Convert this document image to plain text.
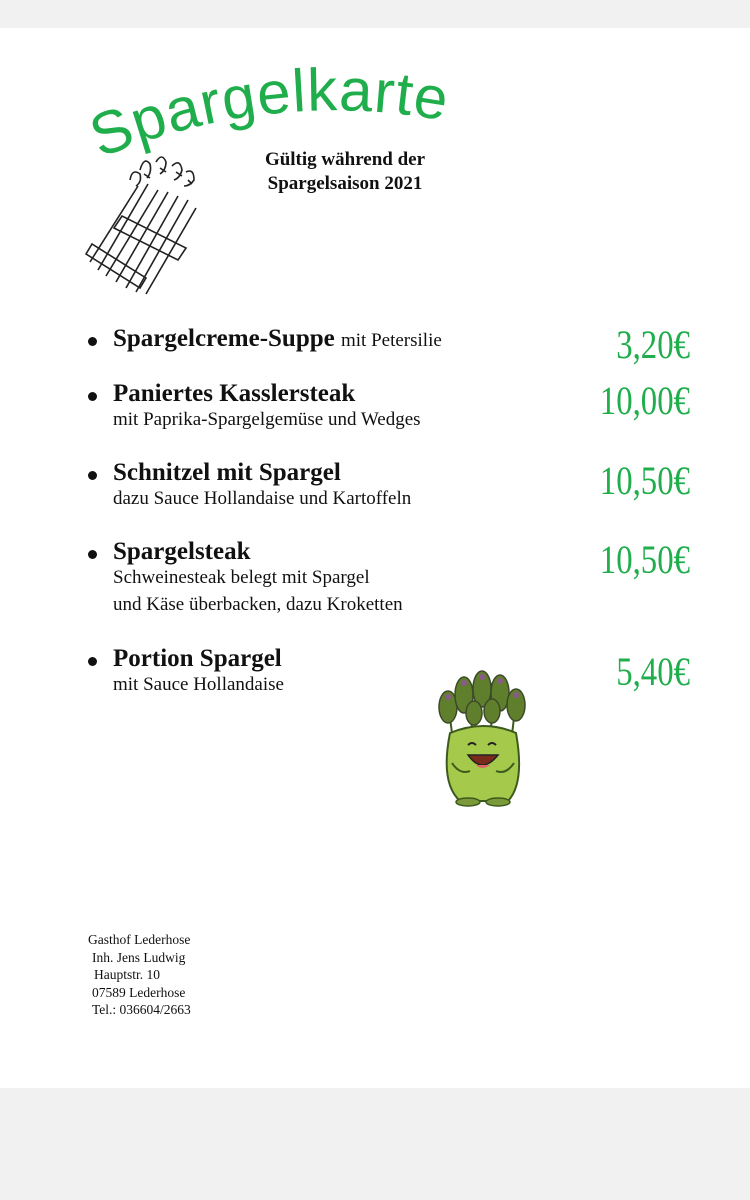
Spargelkarte
Gültig während der
Spargelsaison 2021
Spargelcreme-Suppe mit Petersilie	3,20€
Paniertes Kasslersteak
mit Paprika-Spargelgemüse und Wedges	10,00€
Schnitzel mit Spargel
dazu Sauce Hollandaise und Kartoffeln	10,50€
Spargelsteak
Schweinesteak belegt mit Spargel
und Käse überbacken, dazu Kroketten
10,50€
Portion Spargel
mit Sauce Hollandaise	5,40€
Gasthof Lederhose
Inh. Jens Ludwig
Hauptstr. 10
07589 Lederhose
Tel.: 036604/2663
